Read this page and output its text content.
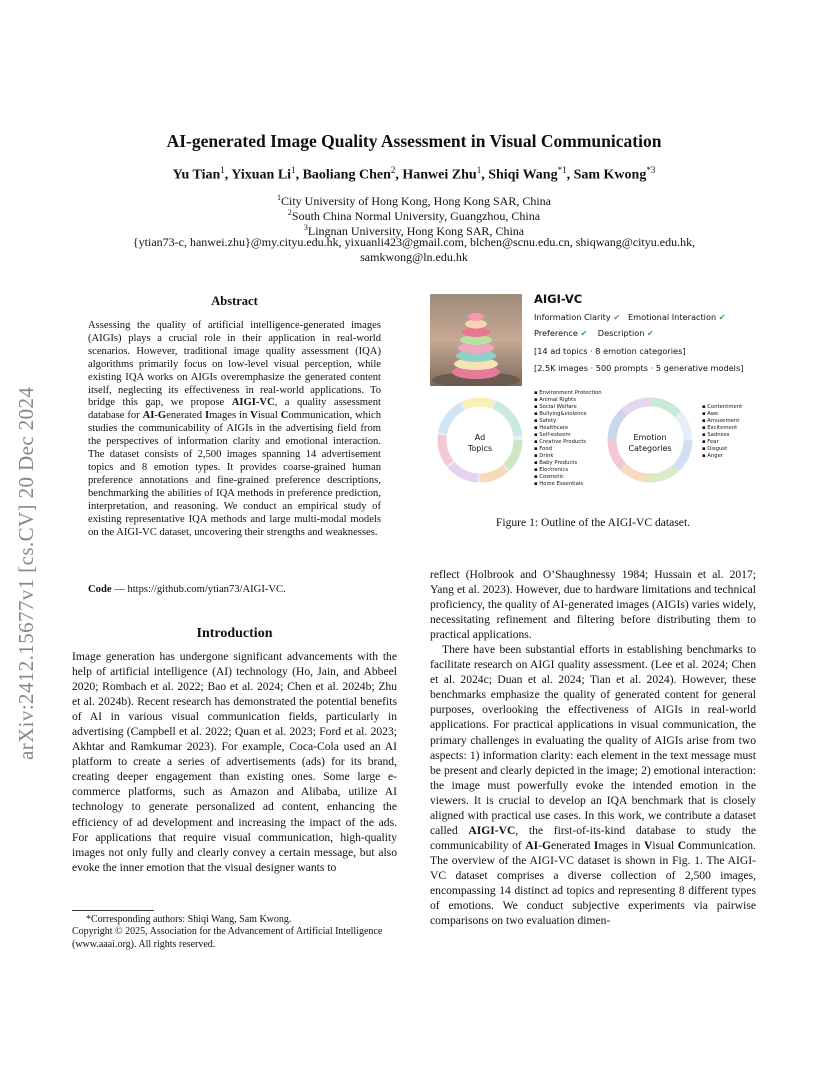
arXiv:2412.15677v1 [cs.CV] 20 Dec 2024
AI-generated Image Quality Assessment in Visual Communication
Yu Tian$^1$, Yixuan Li$^1$, Baoliang Chen$^2$, Hanwei Zhu$^1$, Shiqi Wang$^{*1}$, Sam Kwong$^{*3}$
$^1$City University of Hong Kong, Hong Kong SAR, China
$^2$South China Normal University, Guangzhou, China
$^3$Lingnan University, Hong Kong SAR, China
{ytian73-c, hanwei.zhu}@my.cityu.edu.hk, yixuanli423@gmail.com, blchen@scnu.edu.cn, shiqwang@cityu.edu.hk,
samkwong@ln.edu.hk
Abstract
Assessing the quality of artificial intelligence-generated images (AIGIs) plays a crucial role in their application in real-world scenarios. However, traditional image quality assessment (IQA) algorithms primarily focus on low-level visual perception, while existing IQA works on AIGIs overemphasize the generated content itself, neglecting its effectiveness in real-world applications. To bridge this gap, we propose AIGI-VC, a quality assessment database for AI-Generated Images in Visual Communication, which studies the communicability of AIGIs in the advertising field from the perspectives of information clarity and emotional interaction. The dataset consists of 2,500 images spanning 14 advertisement topics and 8 emotion types. It provides coarse-grained human preference annotations and fine-grained preference descriptions, benchmarking the abilities of IQA methods in preference prediction, interpretation, and reasoning. We conduct an empirical study of existing representative IQA methods and large multi-modal models on the AIGI-VC dataset, uncovering their strengths and weaknesses.
Code — https://github.com/ytian73/AIGI-VC.
Introduction
Image generation has undergone significant advancements with the help of artificial intelligence (AI) technology (Ho, Jain, and Abbeel 2020; Rombach et al. 2022; Bao et al. 2024; Chen et al. 2024b; Zhu et al. 2024b). Recent research has demonstrated the potential benefits of AI in various visual communication fields, particularly in advertising (Campbell et al. 2022; Quan et al. 2023; Ford et al. 2023; Akhtar and Ramkumar 2023). For example, Coca-Cola used an AI platform to create a series of advertisements (ads) for its brand, creating deeper engagement than existing ones. Some large e-commerce platforms, such as Amazon and Alibaba, utilize AI technology to generate personalized ad content, enhancing the efficiency of ad development and increasing the impact of the ads. For applications that require visual communication, high-quality images not only fully and clearly convey a certain message, but also evoke the inner emotion that the visual designer wants to
*Corresponding authors: Shiqi Wang, Sam Kwong.
Copyright © 2025, Association for the Advancement of Artificial Intelligence (www.aaai.org). All rights reserved.

reflect (Holbrook and O’Shaughnessy 1984; Hussain et al. 2017; Yang et al. 2023). However, due to hardware limitations and technical proficiency, the quality of AI-generated images (AIGIs) varies widely, necessitating refinement and filtering before distributing them to practical applications.

There have been substantial efforts in establishing benchmarks to facilitate research on AIGI quality assessment. (Lee et al. 2024; Chen et al. 2024c; Duan et al. 2024; Tian et al. 2024). However, these benchmarks emphasize the quality of generated content for general purposes, overlooking the effectiveness of AIGIs in real-world applications. For practical applications in visual communication, the primary challenges in evaluating the quality of AIGIs arise from two aspects: 1) information clarity: each element in the text message must be present and clearly depicted in the image; 2) emotional interaction: the image must powerfully evoke the intended emotion in the viewers. It is crucial to develop an IQA benchmark that is closely aligned with practical use cases. In this work, we contribute a dataset called AIGI-VC, the first-of-its-kind database to study the communicability of AI-Generated Images in Visual Communication. The overview of the AIGI-VC dataset is shown in Fig. 1. The AIGI-VC dataset comprises a diverse collection of 2,500 images, encompassing 14 distinct ad topics and representing 8 different types of emotions. We conduct subjective experiments via pairwise comparisons on two evaluation dimen-

AIGI-VC
Information Clarity ✔ Emotional Interaction ✔
Preference ✔ Description ✔
[14 ad topics · 8 emotion categories]
[2.5K images · 500 prompts · 5 generative models]
Ad
Topics
▪ Environment Protection
▪ Animal Rights
▪ Social Welfare
▪ Bullying&violence
▪ Safety
▪ Healthcare
▪ Self-esteem
▪ Creative Products
▪ Food
▪ Drink
▪ Baby Products
▪ Electronics
▪ Cosmetic
▪ Home Essentials
Emotion
Categories
▪ Contentment
▪ Awe
▪ Amusement
▪ Excitement
▪ Sadness
▪ Fear
▪ Disgust
▪ Anger
Figure 1: Outline of the AIGI-VC dataset.
